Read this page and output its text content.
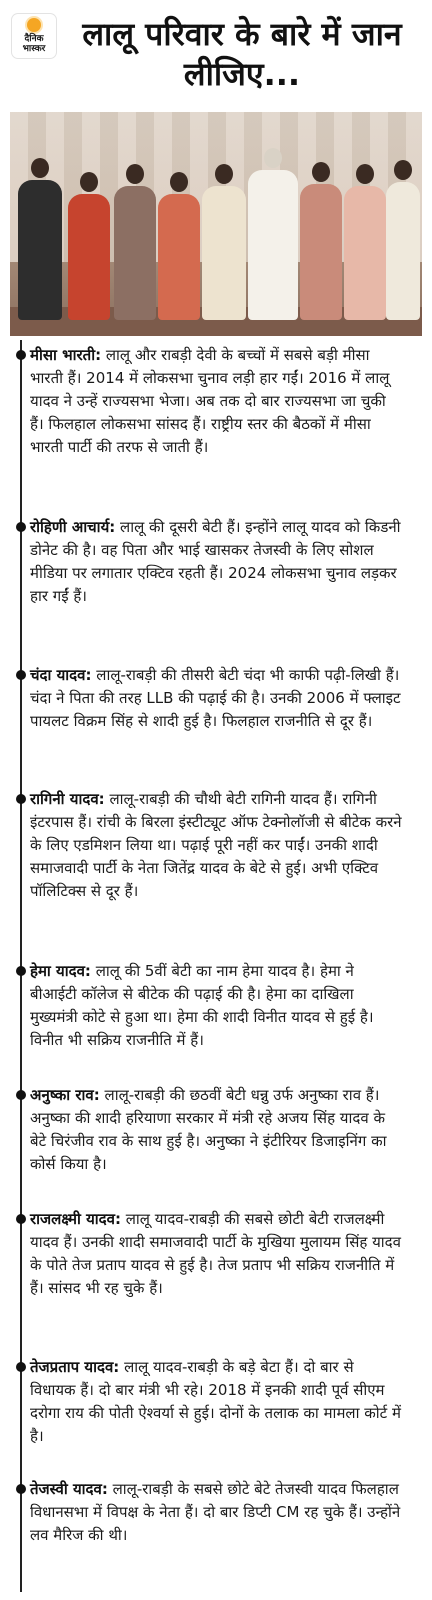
दैनिक
भास्कर	लालू परिवार के बारे में जान लीजिए...
मीसा भारती: लालू और राबड़ी देवी के बच्चों में सबसे बड़ी मीसा भारती हैं। 2014 में लोकसभा चुनाव लड़ी हार गईं। 2016 में लालू यादव ने उन्हें राज्यसभा भेजा। अब तक दो बार राज्यसभा जा चुकी हैं। फिलहाल लोकसभा सांसद हैं। राष्ट्रीय स्तर की बैठकों में मीसा भारती पार्टी की तरफ से जाती हैं।
रोहिणी आचार्य: लालू की दूसरी बेटी हैं। इन्होंने लालू यादव को किडनी डोनेट की है। वह पिता और भाई खासकर तेजस्वी के लिए सोशल मीडिया पर लगातार एक्टिव रहती हैं। 2024 लोकसभा चुनाव लड़कर हार गईं हैं।
चंदा यादव: लालू-राबड़ी की तीसरी बेटी चंदा भी काफी पढ़ी-लिखी हैं। चंदा ने पिता की तरह LLB की पढ़ाई की है। उनकी 2006 में फ्लाइट पायलट विक्रम सिंह से शादी हुई है। फिलहाल राजनीति से दूर हैं।
रागिनी यादव: लालू-राबड़ी की चौथी बेटी रागिनी यादव हैं। रागिनी इंटरपास हैं। रांची के बिरला इंस्टीट्यूट ऑफ टेक्नोलॉजी से बीटेक करने के लिए एडमिशन लिया था। पढ़ाई पूरी नहीं कर पाईं। उनकी शादी समाजवादी पार्टी के नेता जितेंद्र यादव के बेटे से हुई। अभी एक्टिव पॉलिटिक्स से दूर हैं।
हेमा यादव: लालू की 5वीं बेटी का नाम हेमा यादव है। हेमा ने बीआईटी कॉलेज से बीटेक की पढ़ाई की है। हेमा का दाखिला मुख्यमंत्री कोटे से हुआ था। हेमा की शादी विनीत यादव से हुई है। विनीत भी सक्रिय राजनीति में हैं।
अनुष्का राव: लालू-राबड़ी की छठवीं बेटी धन्नु उर्फ अनुष्का राव हैं। अनुष्का की शादी हरियाणा सरकार में मंत्री रहे अजय सिंह यादव के बेटे चिरंजीव राव के साथ हुई है। अनुष्का ने इंटीरियर डिजाइनिंग का कोर्स किया है।
राजलक्ष्मी यादव: लालू यादव-राबड़ी की सबसे छोटी बेटी राजलक्ष्मी यादव हैं। उनकी शादी समाजवादी पार्टी के मुखिया मुलायम सिंह यादव के पोते तेज प्रताप यादव से हुई है। तेज प्रताप भी सक्रिय राजनीति में हैं। सांसद भी रह चुके हैं।
तेजप्रताप यादव: लालू यादव-राबड़ी के बड़े बेटा हैं। दो बार से विधायक हैं। दो बार मंत्री भी रहे। 2018 में इनकी शादी पूर्व सीएम दरोगा राय की पोती ऐश्वर्या से हुई। दोनों के तलाक का मामला कोर्ट में है।
तेजस्वी यादव: लालू-राबड़ी के सबसे छोटे बेटे तेजस्वी यादव फिलहाल विधानसभा में विपक्ष के नेता हैं। दो बार डिप्टी CM रह चुके हैं। उन्होंने लव मैरिज की थी।
